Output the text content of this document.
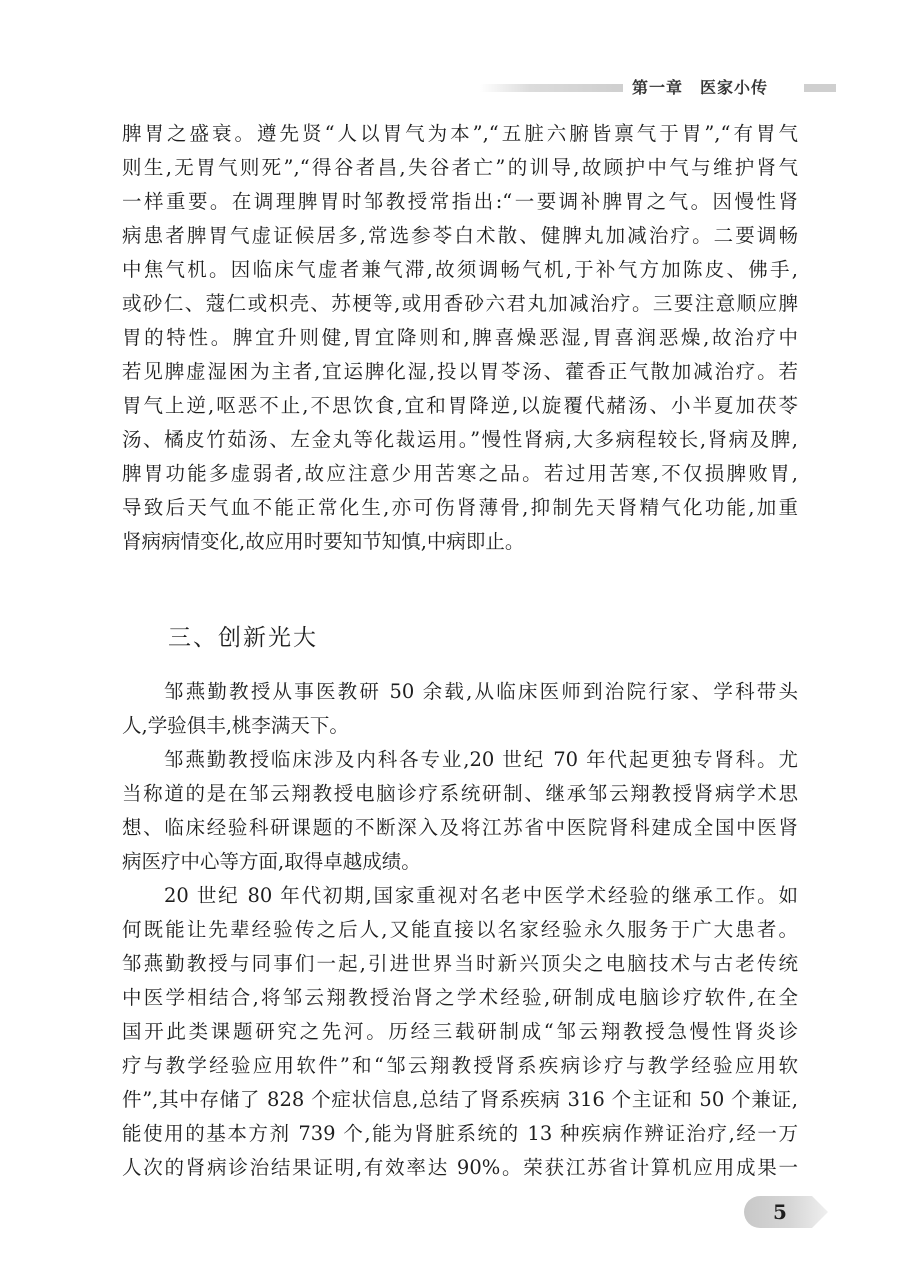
第一章　医家小传
脾胃之盛衰。遵先贤“人以胃气为本”,“五脏六腑皆禀气于胃”,“有胃气
则生,无胃气则死”,“得谷者昌,失谷者亡”的训导,故顾护中气与维护肾气
一样重要。在调理脾胃时邹教授常指出:“一要调补脾胃之气。因慢性肾
病患者脾胃气虚证候居多,常选参苓白术散、健脾丸加减治疗。二要调畅
中焦气机。因临床气虚者兼气滞,故须调畅气机,于补气方加陈皮、佛手,
或砂仁、蔻仁或枳壳、苏梗等,或用香砂六君丸加减治疗。三要注意顺应脾
胃的特性。脾宜升则健,胃宜降则和,脾喜燥恶湿,胃喜润恶燥,故治疗中
若见脾虚湿困为主者,宜运脾化湿,投以胃苓汤、藿香正气散加减治疗。若
胃气上逆,呕恶不止,不思饮食,宜和胃降逆,以旋覆代赭汤、小半夏加茯苓
汤、橘皮竹茹汤、左金丸等化裁运用。”慢性肾病,大多病程较长,肾病及脾,
脾胃功能多虚弱者,故应注意少用苦寒之品。若过用苦寒,不仅损脾败胃,
导致后天气血不能正常化生,亦可伤肾薄骨,抑制先天肾精气化功能,加重
肾病病情变化,故应用时要知节知慎,中病即止。
三、创新光大
邹燕勤教授从事医教研 50 余载,从临床医师到治院行家、学科带头
人,学验俱丰,桃李满天下。
邹燕勤教授临床涉及内科各专业,20 世纪 70 年代起更独专肾科。尤
当称道的是在邹云翔教授电脑诊疗系统研制、继承邹云翔教授肾病学术思
想、临床经验科研课题的不断深入及将江苏省中医院肾科建成全国中医肾
病医疗中心等方面,取得卓越成绩。
20 世纪 80 年代初期,国家重视对名老中医学术经验的继承工作。如
何既能让先辈经验传之后人,又能直接以名家经验永久服务于广大患者。
邹燕勤教授与同事们一起,引进世界当时新兴顶尖之电脑技术与古老传统
中医学相结合,将邹云翔教授治肾之学术经验,研制成电脑诊疗软件,在全
国开此类课题研究之先河。历经三载研制成“邹云翔教授急慢性肾炎诊
疗与教学经验应用软件”和“邹云翔教授肾系疾病诊疗与教学经验应用软
件”,其中存储了 828 个症状信息,总结了肾系疾病 316 个主证和 50 个兼证,
能使用的基本方剂 739 个,能为肾脏系统的 13 种疾病作辨证治疗,经一万
人次的肾病诊治结果证明,有效率达 90%。荣获江苏省计算机应用成果一
5
